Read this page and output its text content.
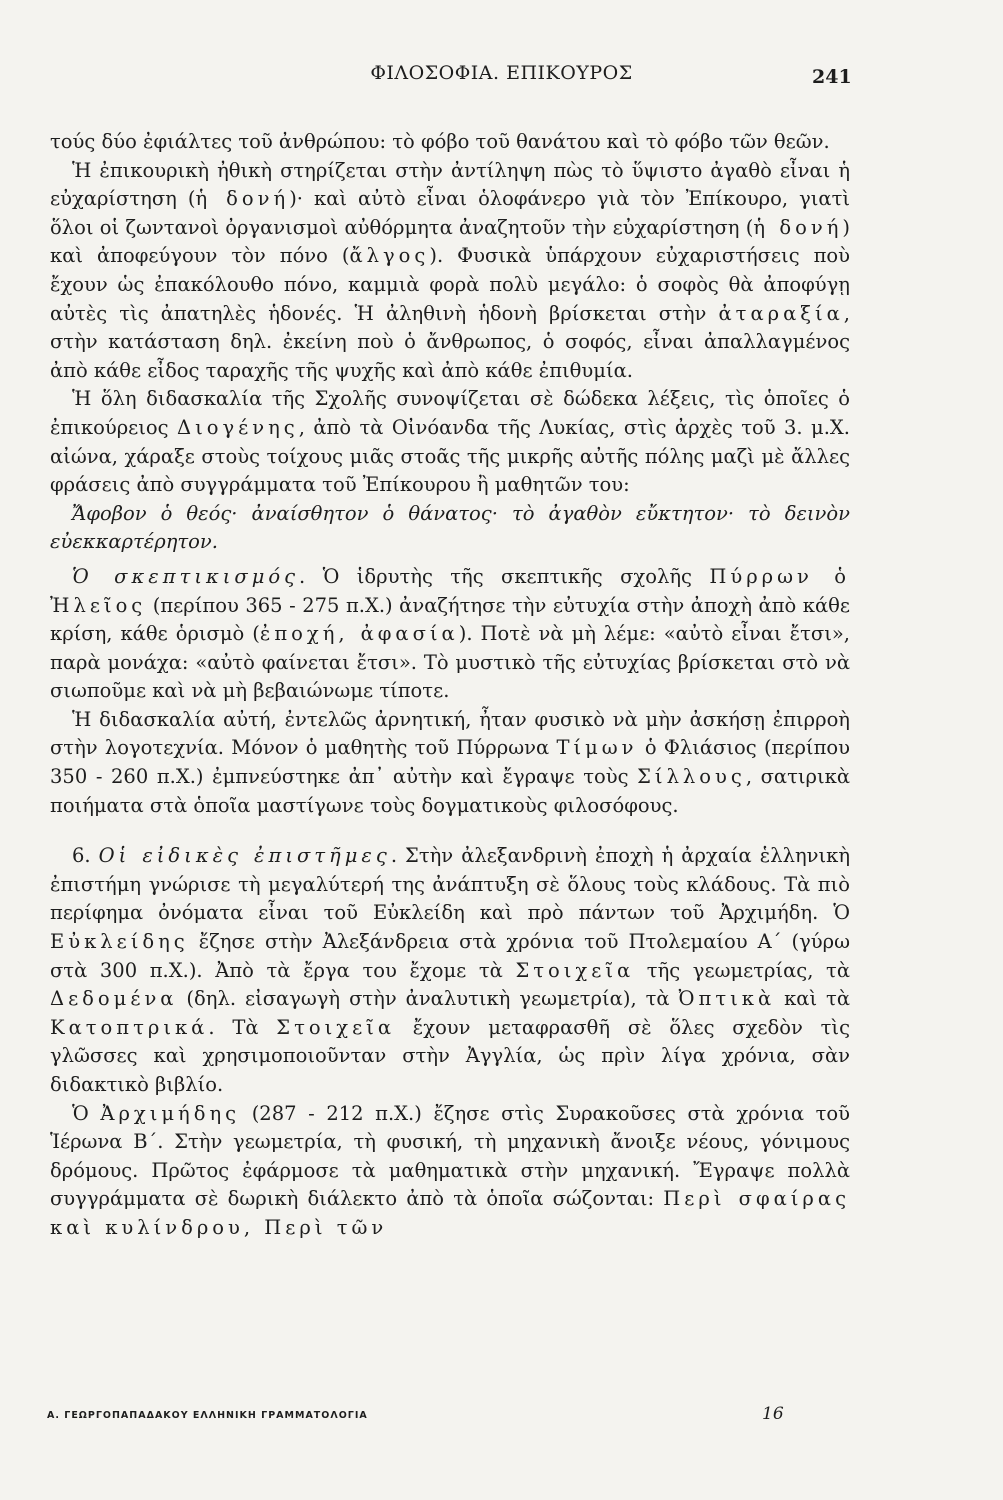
ΦΙΛΟΣΟΦΙΑ. ΕΠΙΚΟΥΡΟΣ	241

τούς δύο ἐφιάλτες τοῦ ἀνθρώπου: τὸ φόβο τοῦ θανάτου καὶ τὸ φόβο τῶν θεῶν.

Ἡ ἐπικουρικὴ ἠθικὴ στηρίζεται στὴν ἀντίληψη πὼς τὸ ὕψιστο ἀγαθὸ εἶναι ἡ εὐχαρίστηση (ἡ δονή)· καὶ αὐτὸ εἶναι ὁλοφάνερο γιὰ τὸν Ἐπίκουρο, γιατὶ ὅλοι οἱ ζωντανοὶ ὀργανισμοὶ αὐθόρμητα ἀναζητοῦν τὴν εὐχαρίστηση (ἡ δονή) καὶ ἀποφεύγουν τὸν πόνο (ἄλγος). Φυσικὰ ὑπάρχουν εὐχαριστήσεις ποὺ ἔχουν ὡς ἐπακόλουθο πόνο, καμμιὰ φορὰ πολὺ μεγάλο: ὁ σοφὸς θὰ ἀποφύγῃ αὐτὲς τὶς ἀπατηλὲς ἡδονές. Ἡ ἀληθινὴ ἡδονὴ βρίσκεται στὴν ἀταραξία, στὴν κατάσταση δηλ. ἐκείνη ποὺ ὁ ἄνθρωπος, ὁ σοφός, εἶναι ἀπαλλαγμένος ἀπὸ κάθε εἶδος ταραχῆς τῆς ψυχῆς καὶ ἀπὸ κάθε ἐπιθυμία.

Ἡ ὅλη διδασκαλία τῆς Σχολῆς συνοψίζεται σὲ δώδεκα λέξεις, τὶς ὁποῖες ὁ ἐπικούρειος Διογένης, ἀπὸ τὰ Οἰνόανδα τῆς Λυκίας, στὶς ἀρχὲς τοῦ 3. μ.Χ. αἰώνα, χάραξε στοὺς τοίχους μιᾶς στοᾶς τῆς μικρῆς αὐτῆς πόλης μαζὶ μὲ ἄλλες φράσεις ἀπὸ συγγράμματα τοῦ Ἐπίκουρου ἢ μαθητῶν του:

Ἄφοβον ὁ θεός· ἀναίσθητον ὁ θάνατος· τὸ ἀγαθὸν εὔκτητον· τὸ δεινὸν εὐεκκαρτέρητον.

Ὁ σκεπτικισμός. Ὁ ἱδρυτὴς τῆς σκεπτικῆς σχολῆς Πύρρων ὁ Ἠλεῖος (περίπου 365 - 275 π.Χ.) ἀναζήτησε τὴν εὐτυχία στὴν ἀποχὴ ἀπὸ κάθε κρίση, κάθε ὁρισμὸ (ἐποχή, ἀφασία). Ποτὲ νὰ μὴ λέμε: «αὐτὸ εἶναι ἔτσι», παρὰ μονάχα: «αὐτὸ φαίνεται ἔτσι». Τὸ μυστικὸ τῆς εὐτυχίας βρίσκεται στὸ νὰ σιωποῦμε καὶ νὰ μὴ βεβαιώνωμε τίποτε.

Ἡ διδασκαλία αὐτή, ἐντελῶς ἀρνητική, ἦταν φυσικὸ νὰ μὴν ἀσκήσῃ ἐπιρροὴ στὴν λογοτεχνία. Μόνον ὁ μαθητὴς τοῦ Πύρρωνα Τίμων ὁ Φλιάσιος (περίπου 350 - 260 π.Χ.) ἐμπνεύστηκε ἀπ᾿ αὐτὴν καὶ ἔγραψε τοὺς Σίλλους, σατιρικὰ ποιήματα στὰ ὁποῖα μαστίγωνε τοὺς δογματικοὺς φιλοσόφους.

6. Οἱ εἰδικὲς ἐπιστῆμες. Στὴν ἀλεξανδρινὴ ἐποχὴ ἡ ἀρχαία ἑλληνικὴ ἐπιστήμη γνώρισε τὴ μεγαλύτερή της ἀνάπτυξη σὲ ὅλους τοὺς κλάδους. Τὰ πιὸ περίφημα ὀνόματα εἶναι τοῦ Εὐκλείδη καὶ πρὸ πάντων τοῦ Ἀρχιμήδη. Ὁ Εὐκλείδης ἔζησε στὴν Ἀλεξάνδρεια στὰ χρόνια τοῦ Πτολεμαίου Α΄ (γύρω στὰ 300 π.Χ.). Ἀπὸ τὰ ἔργα του ἔχομε τὰ Στοιχεῖα τῆς γεωμετρίας, τὰ Δεδομένα (δηλ. εἰσαγωγὴ στὴν ἀναλυτικὴ γεωμετρία), τὰ Ὀπτικὰ καὶ τὰ Κατοπτρικά. Τὰ Στοιχεῖα ἔχουν μεταφρασθῆ σὲ ὅλες σχεδὸν τὶς γλῶσσες καὶ χρησιμοποιοῦνταν στὴν Ἀγγλία, ὡς πρὶν λίγα χρόνια, σὰν διδακτικὸ βιβλίο.

Ὁ Ἀρχιμήδης (287 - 212 π.Χ.) ἔζησε στὶς Συρακοῦσες στὰ χρόνια τοῦ Ἱέρωνα Β΄. Στὴν γεωμετρία, τὴ φυσική, τὴ μηχανικὴ ἄνοιξε νέους, γόνιμους δρόμους. Πρῶτος ἐφάρμοσε τὰ μαθηματικὰ στὴν μηχανική. Ἔγραψε πολλὰ συγγράμματα σὲ δωρικὴ διάλεκτο ἀπὸ τὰ ὁποῖα σώζονται: Περὶ σφαίρας καὶ κυλίνδρου, Περὶ τῶν

Α. ΓΕΩΡΓΟΠΑΠΑΔΑΚΟΥ ΕΛΛΗΝΙΚΗ ΓΡΑΜΜΑΤΟΛΟΓΙΑ	16
